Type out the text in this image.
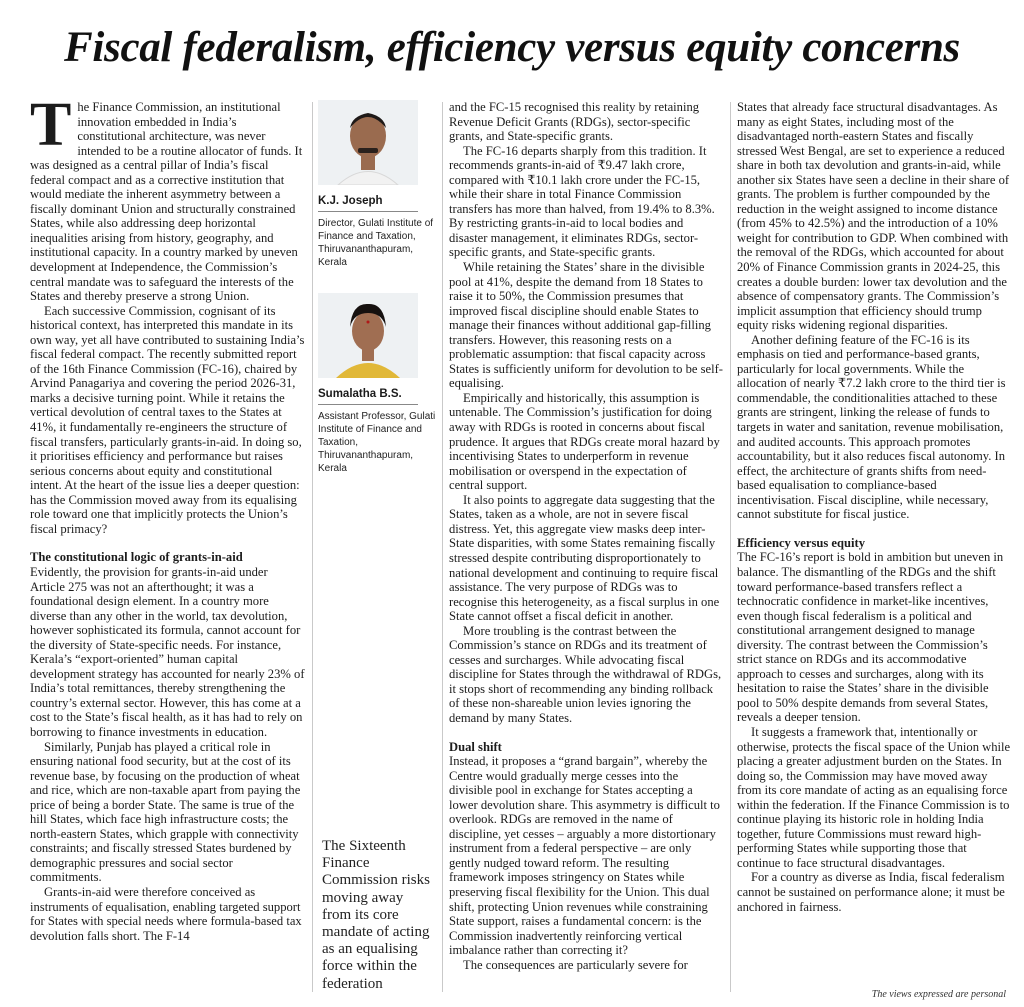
Fiscal federalism, efficiency versus equity concerns

The Finance Commission, an institutional innovation embedded in India’s constitutional architecture, was never intended to be a routine allocator of funds. It was designed as a central pillar of India’s fiscal federal compact and as a corrective institution that would mediate the inherent asymmetry between a fiscally dominant Union and structurally constrained States, while also addressing deep horizontal inequalities arising from history, geography, and institutional capacity. In a country marked by uneven development at Independence, the Commission’s central mandate was to safeguard the interests of the States and thereby preserve a strong Union.

Each successive Commission, cognisant of its historical context, has interpreted this mandate in its own way, yet all have contributed to sustaining India’s fiscal federal compact. The recently submitted report of the 16th Finance Commission (FC-16), chaired by Arvind Panagariya and covering the period 2026-31, marks a decisive turning point. While it retains the vertical devolution of central taxes to the States at 41%, it fundamentally re-engineers the structure of fiscal transfers, particularly grants-in-aid. In doing so, it prioritises efficiency and performance but raises serious concerns about equity and constitutional intent. At the heart of the issue lies a deeper question: has the Commission moved away from its equalising role toward one that implicitly protects the Union’s fiscal primacy?

The constitutional logic of grants-in-aid

Evidently, the provision for grants-in-aid under Article 275 was not an afterthought; it was a foundational design element. In a country more diverse than any other in the world, tax devolution, however sophisticated its formula, cannot account for the diversity of State-specific needs. For instance, Kerala’s “export-oriented” human capital development strategy has accounted for nearly 23% of India’s total remittances, thereby strengthening the country’s external sector. However, this has come at a cost to the State’s fiscal health, as it has had to rely on borrowing to finance investments in education.

Similarly, Punjab has played a critical role in ensuring national food security, but at the cost of its revenue base, by focusing on the production of wheat and rice, which are non-taxable apart from paying the price of being a border State. The same is true of the hill States, which face high infrastructure costs; the north-eastern States, which grapple with connectivity constraints; and fiscally stressed States burdened by demographic pressures and social sector commitments.

Grants-in-aid were therefore conceived as instruments of equalisation, enabling targeted support for States with special needs where formula-based tax devolution falls short. The F-14

K.J. Joseph
Director, Gulati Institute of Finance and Taxation, Thiruvananthapuram, Kerala
Sumalatha B.S.
Assistant Professor, Gulati Institute of Finance and Taxation, Thiruvananthapuram, Kerala
The Sixteenth Finance Commission risks moving away from its core mandate of acting as an equalising force within the federation

and the FC-15 recognised this reality by retaining Revenue Deficit Grants (RDGs), sector-specific grants, and State-specific grants.

The FC-16 departs sharply from this tradition. It recommends grants-in-aid of ₹9.47 lakh crore, compared with ₹10.1 lakh crore under the FC-15, while their share in total Finance Commission transfers has more than halved, from 19.4% to 8.3%. By restricting grants-in-aid to local bodies and disaster management, it eliminates RDGs, sector-specific grants, and State-specific grants.

While retaining the States’ share in the divisible pool at 41%, despite the demand from 18 States to raise it to 50%, the Commission presumes that improved fiscal discipline should enable States to manage their finances without additional gap-filling transfers. However, this reasoning rests on a problematic assumption: that fiscal capacity across States is sufficiently uniform for devolution to be self-equalising.

Empirically and historically, this assumption is untenable. The Commission’s justification for doing away with RDGs is rooted in concerns about fiscal prudence. It argues that RDGs create moral hazard by incentivising States to underperform in revenue mobilisation or overspend in the expectation of central support.

It also points to aggregate data suggesting that the States, taken as a whole, are not in severe fiscal distress. Yet, this aggregate view masks deep inter-State disparities, with some States remaining fiscally stressed despite contributing disproportionately to national development and continuing to require fiscal assistance. The very purpose of RDGs was to recognise this heterogeneity, as a fiscal surplus in one State cannot offset a fiscal deficit in another.

More troubling is the contrast between the Commission’s stance on RDGs and its treatment of cesses and surcharges. While advocating fiscal discipline for States through the withdrawal of RDGs, it stops short of recommending any binding rollback of these non-shareable union levies ignoring the demand by many States.

Dual shift

Instead, it proposes a “grand bargain”, whereby the Centre would gradually merge cesses into the divisible pool in exchange for States accepting a lower devolution share. This asymmetry is difficult to overlook. RDGs are removed in the name of discipline, yet cesses – arguably a more distortionary instrument from a federal perspective – are only gently nudged toward reform. The resulting framework imposes stringency on States while preserving fiscal flexibility for the Union. This dual shift, protecting Union revenues while constraining State support, raises a fundamental concern: is the Commission inadvertently reinforcing vertical imbalance rather than correcting it?

The consequences are particularly severe for

States that already face structural disadvantages. As many as eight States, including most of the disadvantaged north-eastern States and fiscally stressed West Bengal, are set to experience a reduced share in both tax devolution and grants-in-aid, while another six States have seen a decline in their share of grants. The problem is further compounded by the reduction in the weight assigned to income distance (from 45% to 42.5%) and the introduction of a 10% weight for contribution to GDP. When combined with the removal of the RDGs, which accounted for about 20% of Finance Commission grants in 2024-25, this creates a double burden: lower tax devolution and the absence of compensatory grants. The Commission’s implicit assumption that efficiency should trump equity risks widening regional disparities.

Another defining feature of the FC-16 is its emphasis on tied and performance-based grants, particularly for local governments. While the allocation of nearly ₹7.2 lakh crore to the third tier is commendable, the conditionalities attached to these grants are stringent, linking the release of funds to targets in water and sanitation, revenue mobilisation, and audited accounts. This approach promotes accountability, but it also reduces fiscal autonomy. In effect, the architecture of grants shifts from need-based equalisation to compliance-based incentivisation. Fiscal discipline, while necessary, cannot substitute for fiscal justice.

Efficiency versus equity

The FC-16’s report is bold in ambition but uneven in balance. The dismantling of the RDGs and the shift toward performance-based transfers reflect a technocratic confidence in market-like incentives, even though fiscal federalism is a political and constitutional arrangement designed to manage diversity. The contrast between the Commission’s strict stance on RDGs and its accommodative approach to cesses and surcharges, along with its hesitation to raise the States’ share in the divisible pool to 50% despite demands from several States, reveals a deeper tension.

It suggests a framework that, intentionally or otherwise, protects the fiscal space of the Union while placing a greater adjustment burden on the States. In doing so, the Commission may have moved away from its core mandate of acting as an equalising force within the federation. If the Finance Commission is to continue playing its historic role in holding India together, future Commissions must reward high-performing States while supporting those that continue to face structural disadvantages.

For a country as diverse as India, fiscal federalism cannot be sustained on performance alone; it must be anchored in fairness.

The views expressed are personal
